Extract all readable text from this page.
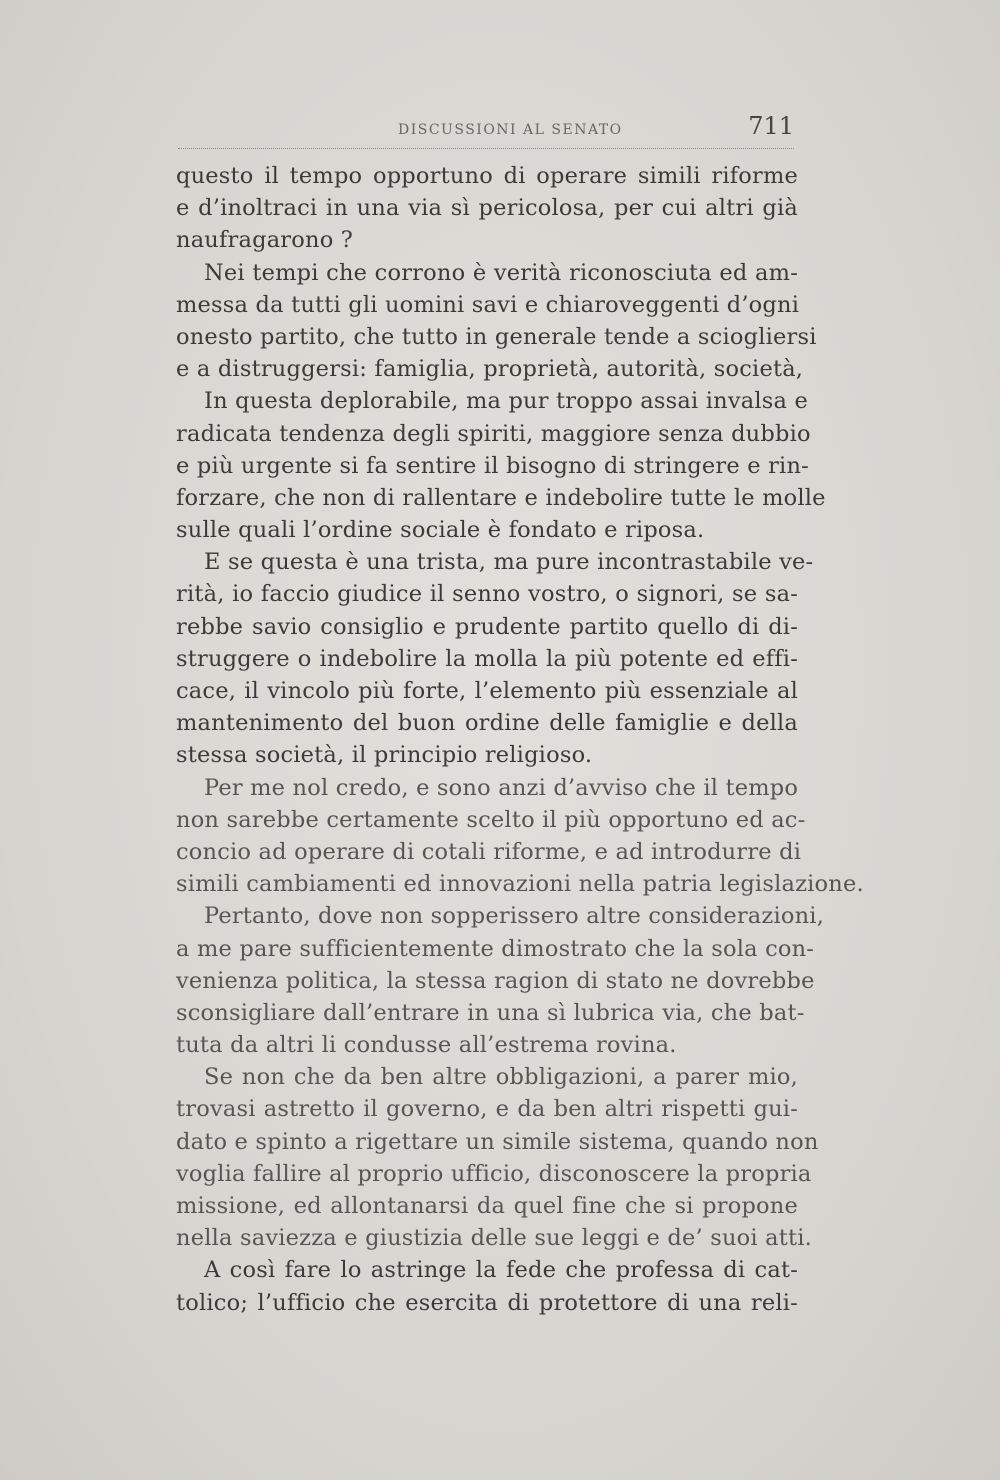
DISCUSSIONI AL SENATO	711
questo il tempo opportuno di operare simili riforme
e d’inoltraci in una via sì pericolosa, per cui altri già
naufragarono ?
Nei tempi che corrono è verità riconosciuta ed am-
messa da tutti gli uomini savi e chiaroveggenti d’ogni
onesto partito, che tutto in generale tende a sciogliersi
e a distruggersi: famiglia, proprietà, autorità, società,
In questa deplorabile, ma pur troppo assai invalsa e
radicata tendenza degli spiriti, maggiore senza dubbio
e più urgente si fa sentire il bisogno di stringere e rin-
forzare, che non di rallentare e indebolire tutte le molle
sulle quali l’ordine sociale è fondato e riposa.
E se questa è una trista, ma pure incontrastabile ve-
rità, io faccio giudice il senno vostro, o signori, se sa-
rebbe savio consiglio e prudente partito quello di di-
struggere o indebolire la molla la più potente ed effi-
cace, il vincolo più forte, l’elemento più essenziale al
mantenimento del buon ordine delle famiglie e della
stessa società, il principio religioso.
Per me nol credo, e sono anzi d’avviso che il tempo
non sarebbe certamente scelto il più opportuno ed ac-
concio ad operare di cotali riforme, e ad introdurre di
simili cambiamenti ed innovazioni nella patria legislazione.
Pertanto, dove non sopperissero altre considerazioni,
a me pare sufficientemente dimostrato che la sola con-
venienza politica, la stessa ragion di stato ne dovrebbe
sconsigliare dall’entrare in una sì lubrica via, che bat-
tuta da altri li condusse all’estrema rovina.
Se non che da ben altre obbligazioni, a parer mio,
trovasi astretto il governo, e da ben altri rispetti gui-
dato e spinto a rigettare un simile sistema, quando non
voglia fallire al proprio ufficio, disconoscere la propria
missione, ed allontanarsi da quel fine che si propone
nella saviezza e giustizia delle sue leggi e de’ suoi atti.
A così fare lo astringe la fede che professa di cat-
tolico; l’ufficio che esercita di protettore di una reli-
